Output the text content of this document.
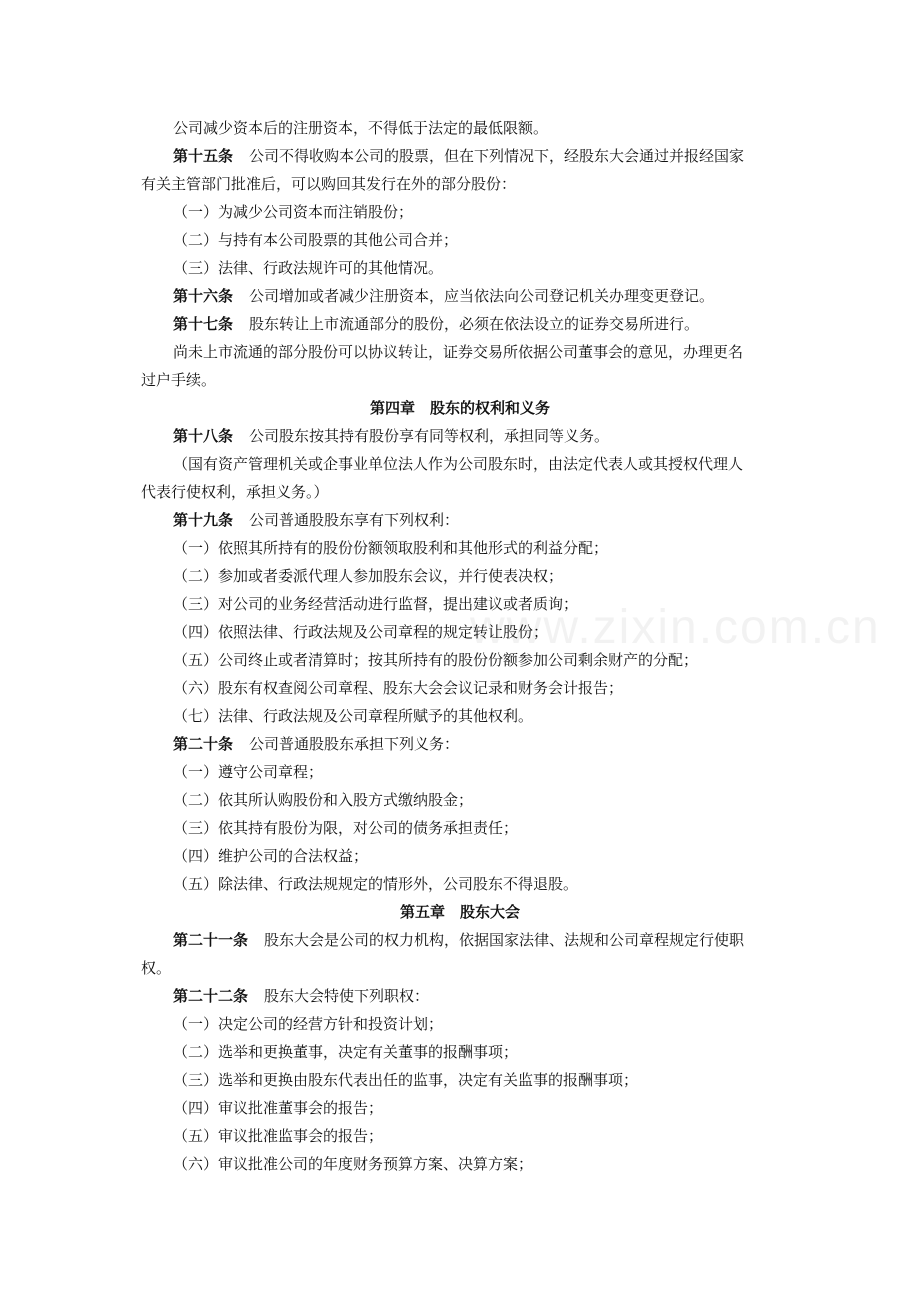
www.zixin.com.cn
公司减少资本后的注册资本，不得低于法定的最低限额。
第十五条 公司不得收购本公司的股票，但在下列情况下，经股东大会通过并报经国家
有关主管部门批准后，可以购回其发行在外的部分股份：
（一）为减少公司资本而注销股份；
（二）与持有本公司股票的其他公司合并；
（三）法律、行政法规许可的其他情况。
第十六条 公司增加或者减少注册资本，应当依法向公司登记机关办理变更登记。
第十七条 股东转让上市流通部分的股份，必须在依法设立的证券交易所进行。
尚未上市流通的部分股份可以协议转让，证券交易所依据公司董事会的意见，办理更名
过户手续。
第四章　股东的权利和义务
第十八条 公司股东按其持有股份享有同等权利，承担同等义务。
（国有资产管理机关或企事业单位法人作为公司股东时，由法定代表人或其授权代理人
代表行使权利，承担义务。）
第十九条 公司普通股股东享有下列权利：
（一）依照其所持有的股份份额领取股利和其他形式的利益分配；
（二）参加或者委派代理人参加股东会议，并行使表决权；
（三）对公司的业务经营活动进行监督，提出建议或者质询；
（四）依照法律、行政法规及公司章程的规定转让股份；
（五）公司终止或者清算时；按其所持有的股份份额参加公司剩余财产的分配；
（六）股东有权查阅公司章程、股东大会会议记录和财务会计报告；
（七）法律、行政法规及公司章程所赋予的其他权利。
第二十条 公司普通股股东承担下列义务：
（一）遵守公司章程；
（二）依其所认购股份和入股方式缴纳股金；
（三）依其持有股份为限，对公司的债务承担责任；
（四）维护公司的合法权益；
（五）除法律、行政法规规定的情形外，公司股东不得退股。
第五章　股东大会
第二十一条 股东大会是公司的权力机构，依据国家法律、法规和公司章程规定行使职
权。
第二十二条 股东大会特使下列职权：
（一）决定公司的经营方针和投资计划；
（二）选举和更换董事，决定有关董事的报酬事项；
（三）选举和更换由股东代表出任的监事，决定有关监事的报酬事项；
（四）审议批准董事会的报告；
（五）审议批准监事会的报告；
（六）审议批准公司的年度财务预算方案、决算方案；
